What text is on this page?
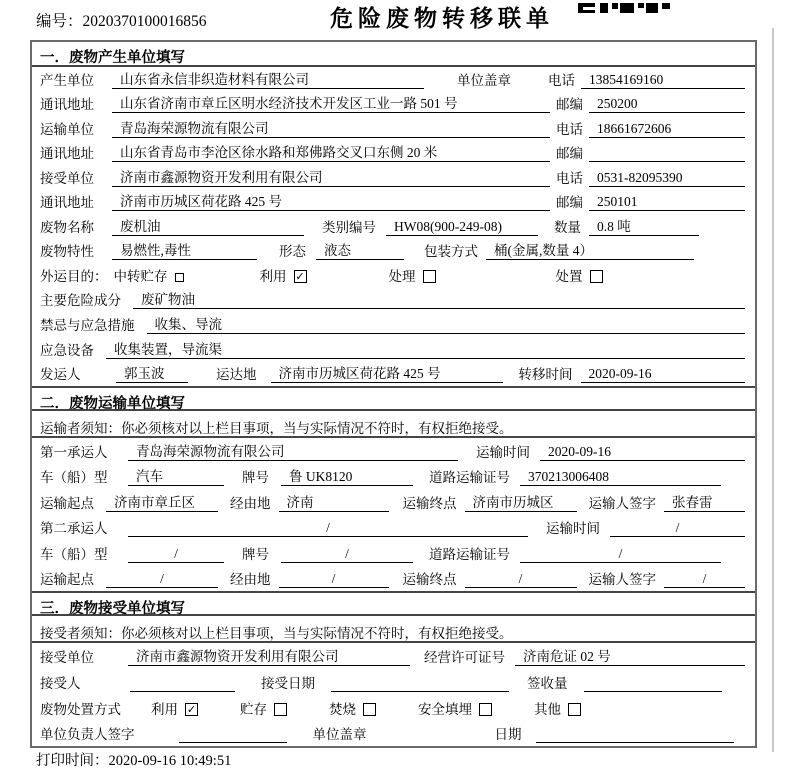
编号：2020370100016856	危险废物转移联单
一．废物产生单位填写
产生单位	山东省永信非织造材料有限公司	单位盖章	电话	13854169160
通讯地址	山东省济南市章丘区明水经济技术开发区工业一路 501 号	邮编	250200
运输单位	青岛海荣源物流有限公司	电话	18661672606
通讯地址	山东省青岛市李沧区徐水路和郑佛路交叉口东侧 20 米	邮编
接受单位	济南市鑫源物资开发利用有限公司	电话	0531-82095390
通讯地址	济南市历城区荷花路 425 号	邮编	250101
废物名称	废机油	类别编号	HW08(900-249-08)	数量	0.8 吨
废物特性	易燃性,毒性	形态	液态	包装方式	桶(金属,数量 4）
外运目的： 中转贮存	利用 ✓	处理	处置
主要危险成分	废矿物油
禁忌与应急措施	收集、导流
应急设备	收集装置，导流渠
发运人	郭玉波	运达地	济南市历城区荷花路 425 号	转移时间	2020-09-16
二．废物运输单位填写
运输者须知：你必须核对以上栏目事项，当与实际情况不符时，有权拒绝接受。
第一承运人	青岛海荣源物流有限公司	运输时间	2020-09-16
车（船）型	汽车	牌号	鲁 UK8120	道路运输证号	370213006408
运输起点	济南市章丘区	经由地	济南	运输终点	济南市历城区	运输人签字	张春雷
第二承运人	/	运输时间	/
车（船）型	/	牌号	/	道路运输证号	/
运输起点	/	经由地	/	运输终点	/	运输人签字	/
三．废物接受单位填写
接受者须知：你必须核对以上栏目事项，当与实际情况不符时，有权拒绝接受。
接受单位	济南市鑫源物资开发利用有限公司	经营许可证号	济南危证 02 号
接受人	接受日期	签收量
废物处置方式 利用 ✓	贮存	焚烧	安全填埋	其他
单位负责人签字	单位盖章	日期
打印时间：2020-09-16 10:49:51
